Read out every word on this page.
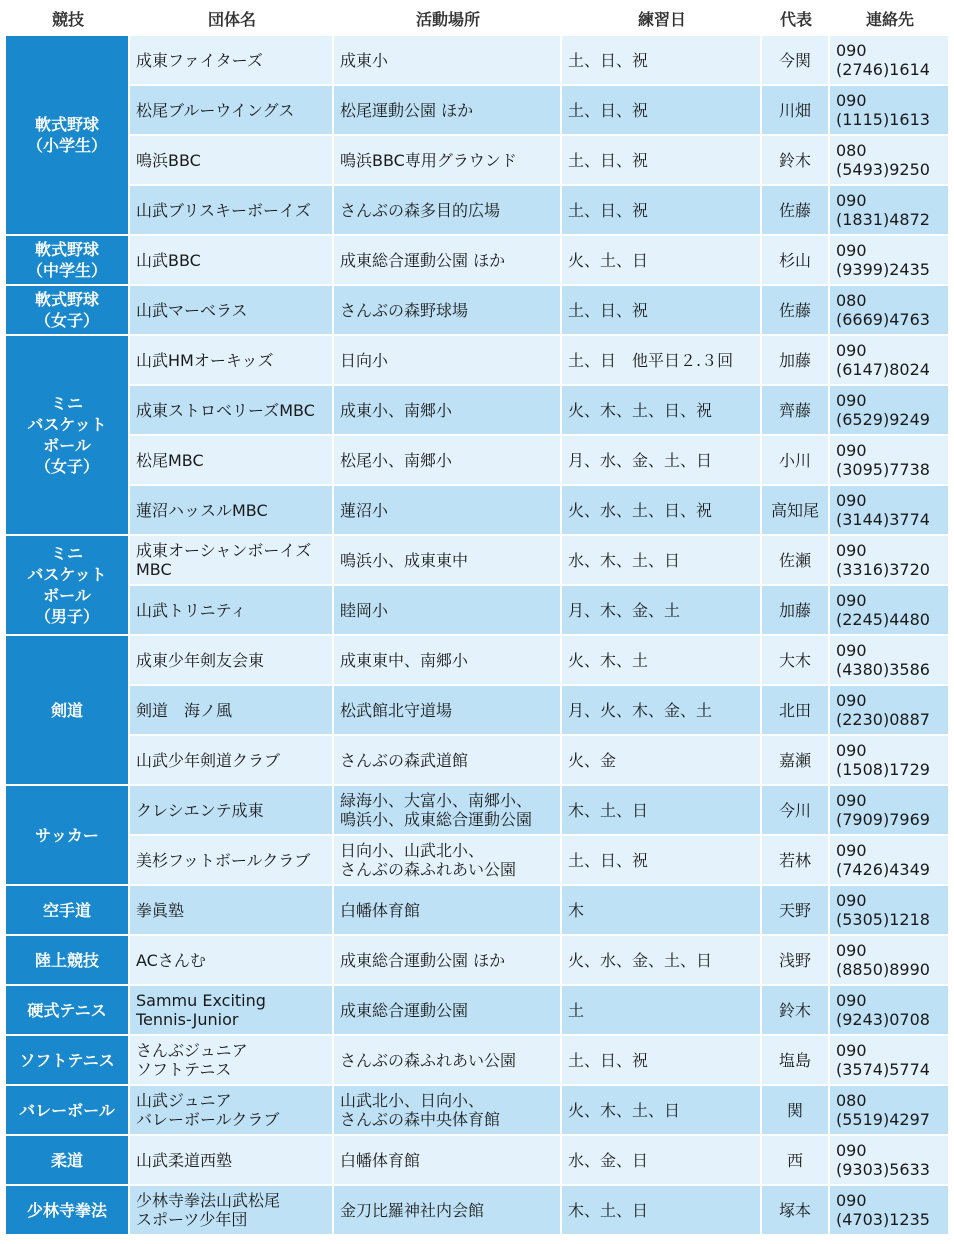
競技	団体名	活動場所	練習日	代表	連絡先
軟式野球
（小学生）	成東ファイターズ	成東小	土、日、祝	今関	090
(2746)1614
	松尾ブルーウイングス	松尾運動公園 ほか	土、日、祝	川畑	090
(1115)1613
	鳴浜BBC	鳴浜BBC専用グラウンド	土、日、祝	鈴木	080
(5493)9250
	山武ブリスキーボーイズ	さんぶの森多目的広場	土、日、祝	佐藤	090
(1831)4872
軟式野球
（中学生）	山武BBC	成東総合運動公園 ほか	火、土、日	杉山	090
(9399)2435
軟式野球
（女子）	山武マーベラス	さんぶの森野球場	土、日、祝	佐藤	080
(6669)4763
ミニ
バスケット
ボール
（女子）	山武HMオーキッズ	日向小	土、日　他平日２.３回	加藤	090
(6147)8024
	成東ストロベリーズMBC	成東小、南郷小	火、木、土、日、祝	齊藤	090
(6529)9249
	松尾MBC	松尾小、南郷小	月、水、金、土、日	小川	090
(3095)7738
	蓮沼ハッスルMBC	蓮沼小	火、水、土、日、祝	高知尾	090
(3144)3774
ミニ
バスケット
ボール
（男子）	成東オーシャンボーイズ
MBC	鳴浜小、成東東中	水、木、土、日	佐瀬	090
(3316)3720
	山武トリニティ	睦岡小	月、木、金、土	加藤	090
(2245)4480
剣道	成東少年剣友会東	成東東中、南郷小	火、木、土	大木	090
(4380)3586
	剣道　海ノ風	松武館北守道場	月、火、木、金、土	北田	090
(2230)0887
	山武少年剣道クラブ	さんぶの森武道館	火、金	嘉瀬	090
(1508)1729
サッカー	クレシエンテ成東	緑海小、大富小、南郷小、
鳴浜小、成東総合運動公園	木、土、日	今川	090
(7909)7969
	美杉フットボールクラブ	日向小、山武北小、
さんぶの森ふれあい公園	土、日、祝	若林	090
(7426)4349
空手道	拳眞塾	白幡体育館	木	天野	090
(5305)1218
陸上競技	ACさんむ	成東総合運動公園 ほか	火、水、金、土、日	浅野	090
(8850)8990
硬式テニス	Sammu Exciting
Tennis-Junior	成東総合運動公園	土	鈴木	090
(9243)0708
ソフトテニス	さんぶジュニア
ソフトテニス	さんぶの森ふれあい公園	土、日、祝	塩島	090
(3574)5774
バレーボール	山武ジュニア
バレーボールクラブ	山武北小、日向小、
さんぶの森中央体育館	火、木、土、日	関	080
(5519)4297
柔道	山武柔道西塾	白幡体育館	水、金、日	西	090
(9303)5633
少林寺拳法	少林寺拳法山武松尾
スポーツ少年団	金刀比羅神社内会館	木、土、日	塚本	090
(4703)1235
